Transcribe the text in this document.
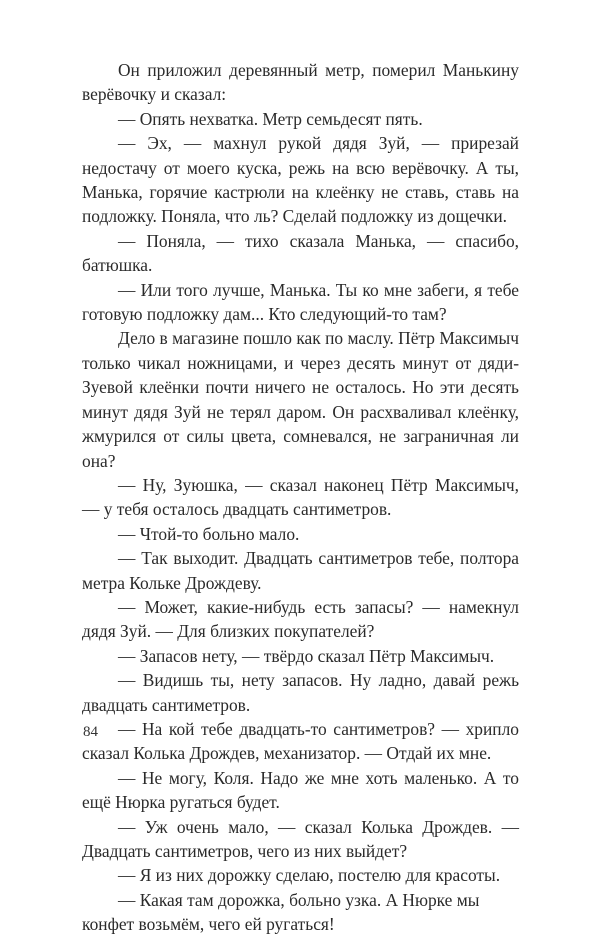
Он приложил деревянный метр, померил Манькину верёвочку и сказал:

— Опять нехватка. Метр семьдесят пять.

— Эх, — махнул рукой дядя Зуй, — прирезай недостачу от моего куска, режь на всю верёвочку. А ты, Манька, горячие кастрюли на клеёнку не ставь, ставь на подложку. Поняла, что ль? Сделай подложку из дощечки.

— Поняла, — тихо сказала Манька, — спасибо, батюшка.

— Или того лучше, Манька. Ты ко мне забеги, я тебе готовую подложку дам... Кто следующий-то там?

Дело в магазине пошло как по маслу. Пётр Максимыч только чикал ножницами, и через десять минут от дяди-Зуевой клеёнки почти ничего не осталось. Но эти десять минут дядя Зуй не терял даром. Он расхваливал клеёнку, жмурился от силы цвета, сомневался, не заграничная ли она?

— Ну, Зуюшка, — сказал наконец Пётр Максимыч, — у тебя осталось двадцать сантиметров.

— Чтой-то больно мало.

— Так выходит. Двадцать сантиметров тебе, полтора метра Кольке Дрождеву.

— Может, какие-нибудь есть запасы? — намекнул дядя Зуй. — Для близких покупателей?

— Запасов нету, — твёрдо сказал Пётр Максимыч.

— Видишь ты, нету запасов. Ну ладно, давай режь двадцать сантиметров.

— На кой тебе двадцать-то сантиметров? — хрипло сказал Колька Дрождев, механизатор. — Отдай их мне.

— Не могу, Коля. Надо же мне хоть маленько. А то ещё Нюрка ругаться будет.

— Уж очень мало, — сказал Колька Дрождев. — Двадцать сантиметров, чего из них выйдет?

— Я из них дорожку сделаю, постелю для красоты.

— Какая там дорожка, больно узка. А Нюрке мы конфет возьмём, чего ей ругаться!

84
